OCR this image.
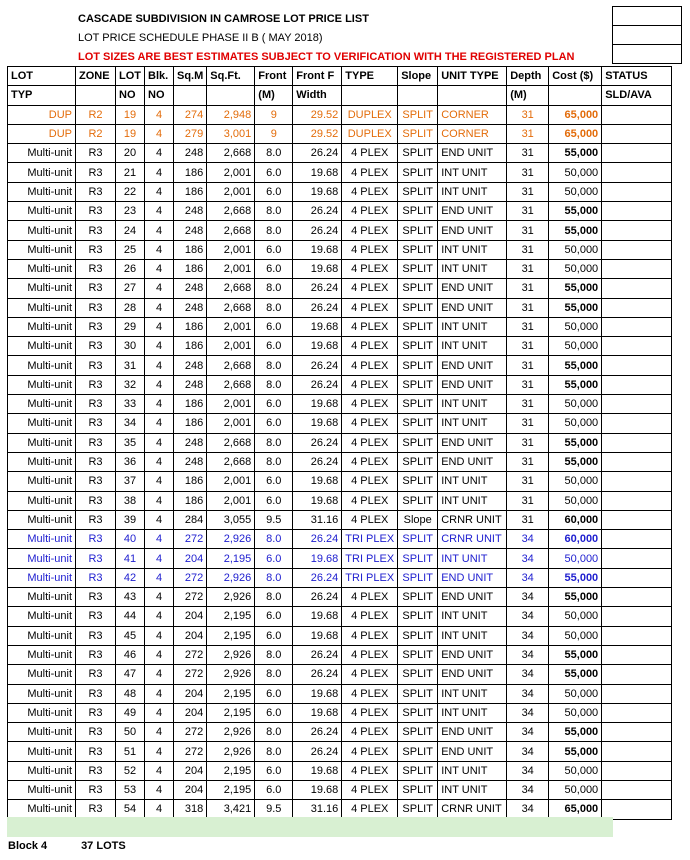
CASCADE SUBDIVISION IN CAMROSE LOT PRICE LIST
LOT PRICE SCHEDULE PHASE II B ( MAY 2018)
LOT SIZES ARE BEST ESTIMATES SUBJECT TO VERIFICATION WITH THE REGISTERED PLAN

LOT	ZONE	LOT	Blk.	Sq.M	Sq.Ft.	Front	Front F	TYPE	Slope	UNIT TYPE	Depth	Cost ($)	STATUS
TYP		NO	NO			(M)	Width				(M)		SLD/AVA
DUP	R2	19	4	274	2,948	9	29.52	DUPLEX	SPLIT	CORNER	31	65,000	
DUP	R2	19	4	279	3,001	9	29.52	DUPLEX	SPLIT	CORNER	31	65,000	
Multi-unit	R3	20	4	248	2,668	8.0	26.24	4 PLEX	SPLIT	END UNIT	31	55,000	
Multi-unit	R3	21	4	186	2,001	6.0	19.68	4 PLEX	SPLIT	INT UNIT	31	50,000	
Multi-unit	R3	22	4	186	2,001	6.0	19.68	4 PLEX	SPLIT	INT UNIT	31	50,000	
Multi-unit	R3	23	4	248	2,668	8.0	26.24	4 PLEX	SPLIT	END UNIT	31	55,000	
Multi-unit	R3	24	4	248	2,668	8.0	26.24	4 PLEX	SPLIT	END UNIT	31	55,000	
Multi-unit	R3	25	4	186	2,001	6.0	19.68	4 PLEX	SPLIT	INT UNIT	31	50,000	
Multi-unit	R3	26	4	186	2,001	6.0	19.68	4 PLEX	SPLIT	INT UNIT	31	50,000	
Multi-unit	R3	27	4	248	2,668	8.0	26.24	4 PLEX	SPLIT	END UNIT	31	55,000	
Multi-unit	R3	28	4	248	2,668	8.0	26.24	4 PLEX	SPLIT	END UNIT	31	55,000	
Multi-unit	R3	29	4	186	2,001	6.0	19.68	4 PLEX	SPLIT	INT UNIT	31	50,000	
Multi-unit	R3	30	4	186	2,001	6.0	19.68	4 PLEX	SPLIT	INT UNIT	31	50,000	
Multi-unit	R3	31	4	248	2,668	8.0	26.24	4 PLEX	SPLIT	END UNIT	31	55,000	
Multi-unit	R3	32	4	248	2,668	8.0	26.24	4 PLEX	SPLIT	END UNIT	31	55,000	
Multi-unit	R3	33	4	186	2,001	6.0	19.68	4 PLEX	SPLIT	INT UNIT	31	50,000	
Multi-unit	R3	34	4	186	2,001	6.0	19.68	4 PLEX	SPLIT	INT UNIT	31	50,000	
Multi-unit	R3	35	4	248	2,668	8.0	26.24	4 PLEX	SPLIT	END UNIT	31	55,000	
Multi-unit	R3	36	4	248	2,668	8.0	26.24	4 PLEX	SPLIT	END UNIT	31	55,000	
Multi-unit	R3	37	4	186	2,001	6.0	19.68	4 PLEX	SPLIT	INT UNIT	31	50,000	
Multi-unit	R3	38	4	186	2,001	6.0	19.68	4 PLEX	SPLIT	INT UNIT	31	50,000	
Multi-unit	R3	39	4	284	3,055	9.5	31.16	4 PLEX	Slope	CRNR UNIT	31	60,000	
Multi-unit	R3	40	4	272	2,926	8.0	26.24	TRI PLEX	SPLIT	CRNR UNIT	34	60,000	
Multi-unit	R3	41	4	204	2,195	6.0	19.68	TRI PLEX	SPLIT	INT UNIT	34	50,000	
Multi-unit	R3	42	4	272	2,926	8.0	26.24	TRI PLEX	SPLIT	END UNIT	34	55,000	
Multi-unit	R3	43	4	272	2,926	8.0	26.24	4 PLEX	SPLIT	END UNIT	34	55,000	
Multi-unit	R3	44	4	204	2,195	6.0	19.68	4 PLEX	SPLIT	INT UNIT	34	50,000	
Multi-unit	R3	45	4	204	2,195	6.0	19.68	4 PLEX	SPLIT	INT UNIT	34	50,000	
Multi-unit	R3	46	4	272	2,926	8.0	26.24	4 PLEX	SPLIT	END UNIT	34	55,000	
Multi-unit	R3	47	4	272	2,926	8.0	26.24	4 PLEX	SPLIT	END UNIT	34	55,000	
Multi-unit	R3	48	4	204	2,195	6.0	19.68	4 PLEX	SPLIT	INT UNIT	34	50,000	
Multi-unit	R3	49	4	204	2,195	6.0	19.68	4 PLEX	SPLIT	INT UNIT	34	50,000	
Multi-unit	R3	50	4	272	2,926	8.0	26.24	4 PLEX	SPLIT	END UNIT	34	55,000	
Multi-unit	R3	51	4	272	2,926	8.0	26.24	4 PLEX	SPLIT	END UNIT	34	55,000	
Multi-unit	R3	52	4	204	2,195	6.0	19.68	4 PLEX	SPLIT	INT UNIT	34	50,000	
Multi-unit	R3	53	4	204	2,195	6.0	19.68	4 PLEX	SPLIT	INT UNIT	34	50,000	
Multi-unit	R3	54	4	318	3,421	9.5	31.16	4 PLEX	SPLIT	CRNR UNIT	34	65,000	
Block 4	37 LOTS
